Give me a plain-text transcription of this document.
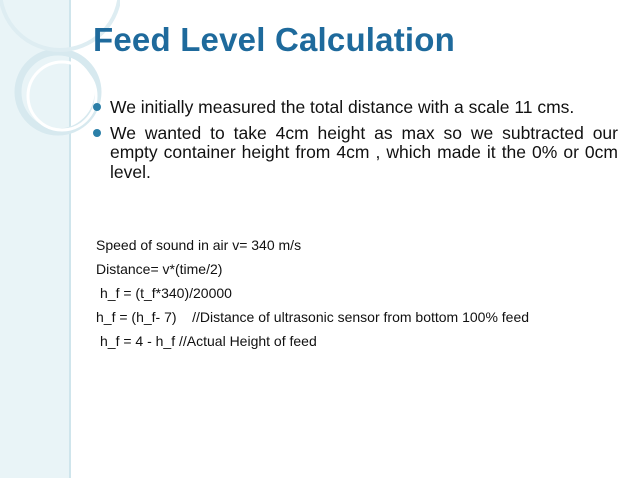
Feed Level Calculation
We initially measured the total distance with a scale 11 cms.
We wanted to take 4cm height as max so we subtracted our empty container height from 4cm , which made it the 0% or 0cm level.
Speed of sound in air v= 340 m/s
Distance= v*(time/2)
h_f = (t_f*340)/20000
h_f = (h_f- 7)    //Distance of ultrasonic sensor from bottom 100% feed
h_f = 4 - h_f //Actual Height of feed
